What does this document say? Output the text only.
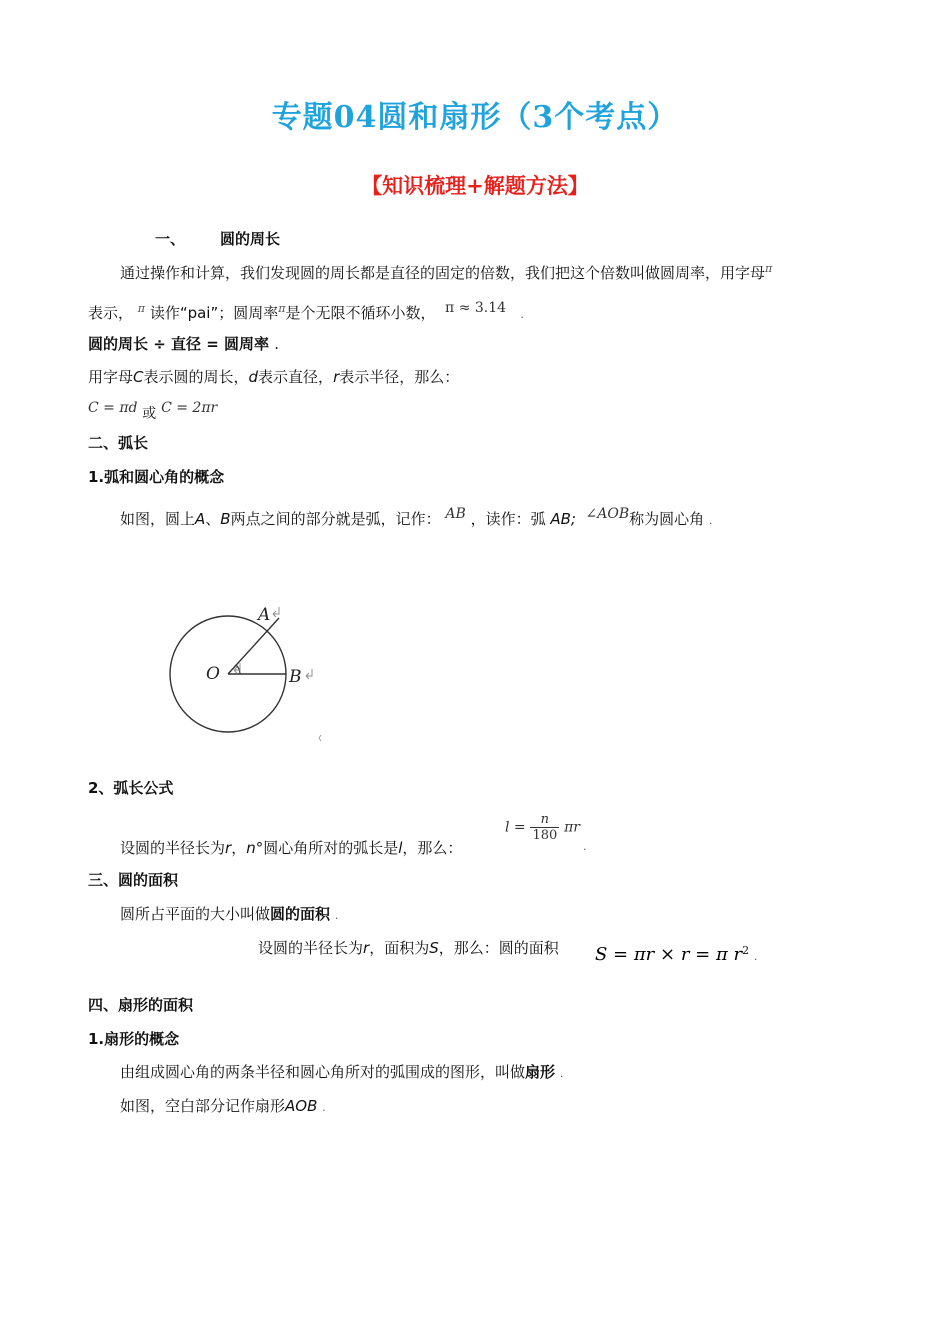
专题04圆和扇形（3个考点）
【知识梳理+解题方法】
一、 圆的周长
通过操作和计算，我们发现圆的周长都是直径的固定的倍数，我们把这个倍数叫做圆周率，用字母$^\pi$
表示， $^\pi$ 读作“pai”；圆周率$^\pi$是个无限不循环小数， $^{\pi \approx 3.14}$ .
圆的周长 ÷ 直径 = 圆周率 .
用字母C表示圆的周长，d表示直径，r表示半径，那么：
C = πd 或 C = 2πr
二、弧长
1.弧和圆心角的概念
如图，圆上A、B两点之间的部分就是弧，记作： $^{AB}$ ，读作：弧 AB; $^{\angle AOB}$称为圆心角 .
A
O	B
2、弧长公式
设圆的半径长为r，n°圆心角所对的弧长是l，那么：
$l = \frac{n}{180}$ πr
.
三、圆的面积
圆所占平面的大小叫做圆的面积 .
设圆的半径长为r，面积为S，那么：圆的面积 S = πr × r = π $r^2$ .
四、扇形的面积
1.扇形的概念
由组成圆心角的两条半径和圆心角所对的弧围成的图形，叫做扇形 .
如图，空白部分记作扇形AOB .
